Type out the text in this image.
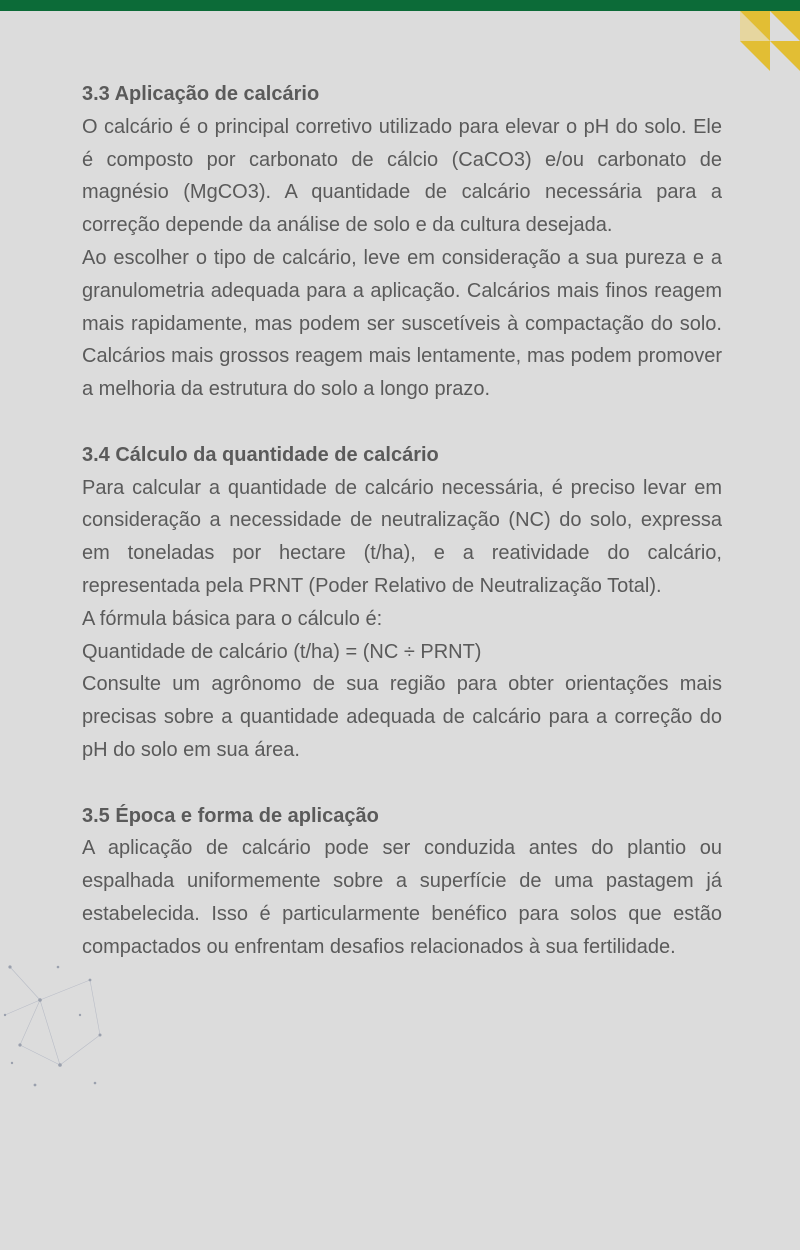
3.3 Aplicação de calcário

O calcário é o principal corretivo utilizado para elevar o pH do solo. Ele é composto por carbonato de cálcio (CaCO3) e/ou carbonato de magnésio (MgCO3). A quantidade de calcário necessária para a correção depende da análise de solo e da cultura desejada.

Ao escolher o tipo de calcário, leve em consideração a sua pureza e a granulometria adequada para a aplicação. Calcários mais finos reagem mais rapidamente, mas podem ser suscetíveis à compactação do solo. Calcários mais grossos reagem mais lentamente, mas podem promover a melhoria da estrutura do solo a longo prazo.

3.4 Cálculo da quantidade de calcário

Para calcular a quantidade de calcário necessária, é preciso levar em consideração a necessidade de neutralização (NC) do solo, expressa em toneladas por hectare (t/ha), e a reatividade do calcário, representada pela PRNT (Poder Relativo de Neutralização Total).

A fórmula básica para o cálculo é:

Quantidade de calcário (t/ha) = (NC ÷ PRNT)

Consulte um agrônomo de sua região para obter orientações mais precisas sobre a quantidade adequada de calcário para a correção do pH do solo em sua área.

3.5 Época e forma de aplicação

A aplicação de calcário pode ser conduzida antes do plantio ou espalhada uniformemente sobre a superfície de uma pastagem já estabelecida. Isso é particularmente benéfico para solos que estão compactados ou enfrentam desafios relacionados à sua fertilidade.
